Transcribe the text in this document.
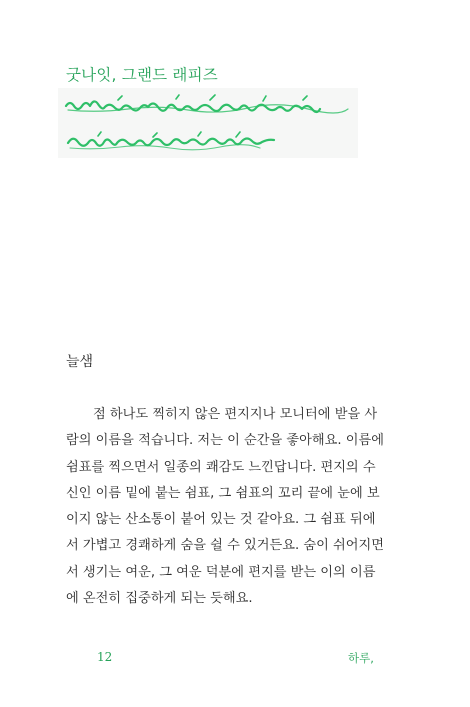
굿나잇, 그랜드 래피즈
늘샘
점 하나도 찍히지 않은 편지지나 모니터에 받을 사
람의 이름을 적습니다. 저는 이 순간을 좋아해요. 이름에
쉼표를 찍으면서 일종의 쾌감도 느낀답니다. 편지의 수
신인 이름 밑에 붙는 쉼표, 그 쉼표의 꼬리 끝에 눈에 보
이지 않는 산소통이 붙어 있는 것 같아요. 그 쉼표 뒤에
서 가볍고 경쾌하게 숨을 쉴 수 있거든요. 숨이 쉬어지면
서 생기는 여운, 그 여운 덕분에 편지를 받는 이의 이름
에 온전히 집중하게 되는 듯해요.
12	하루,
